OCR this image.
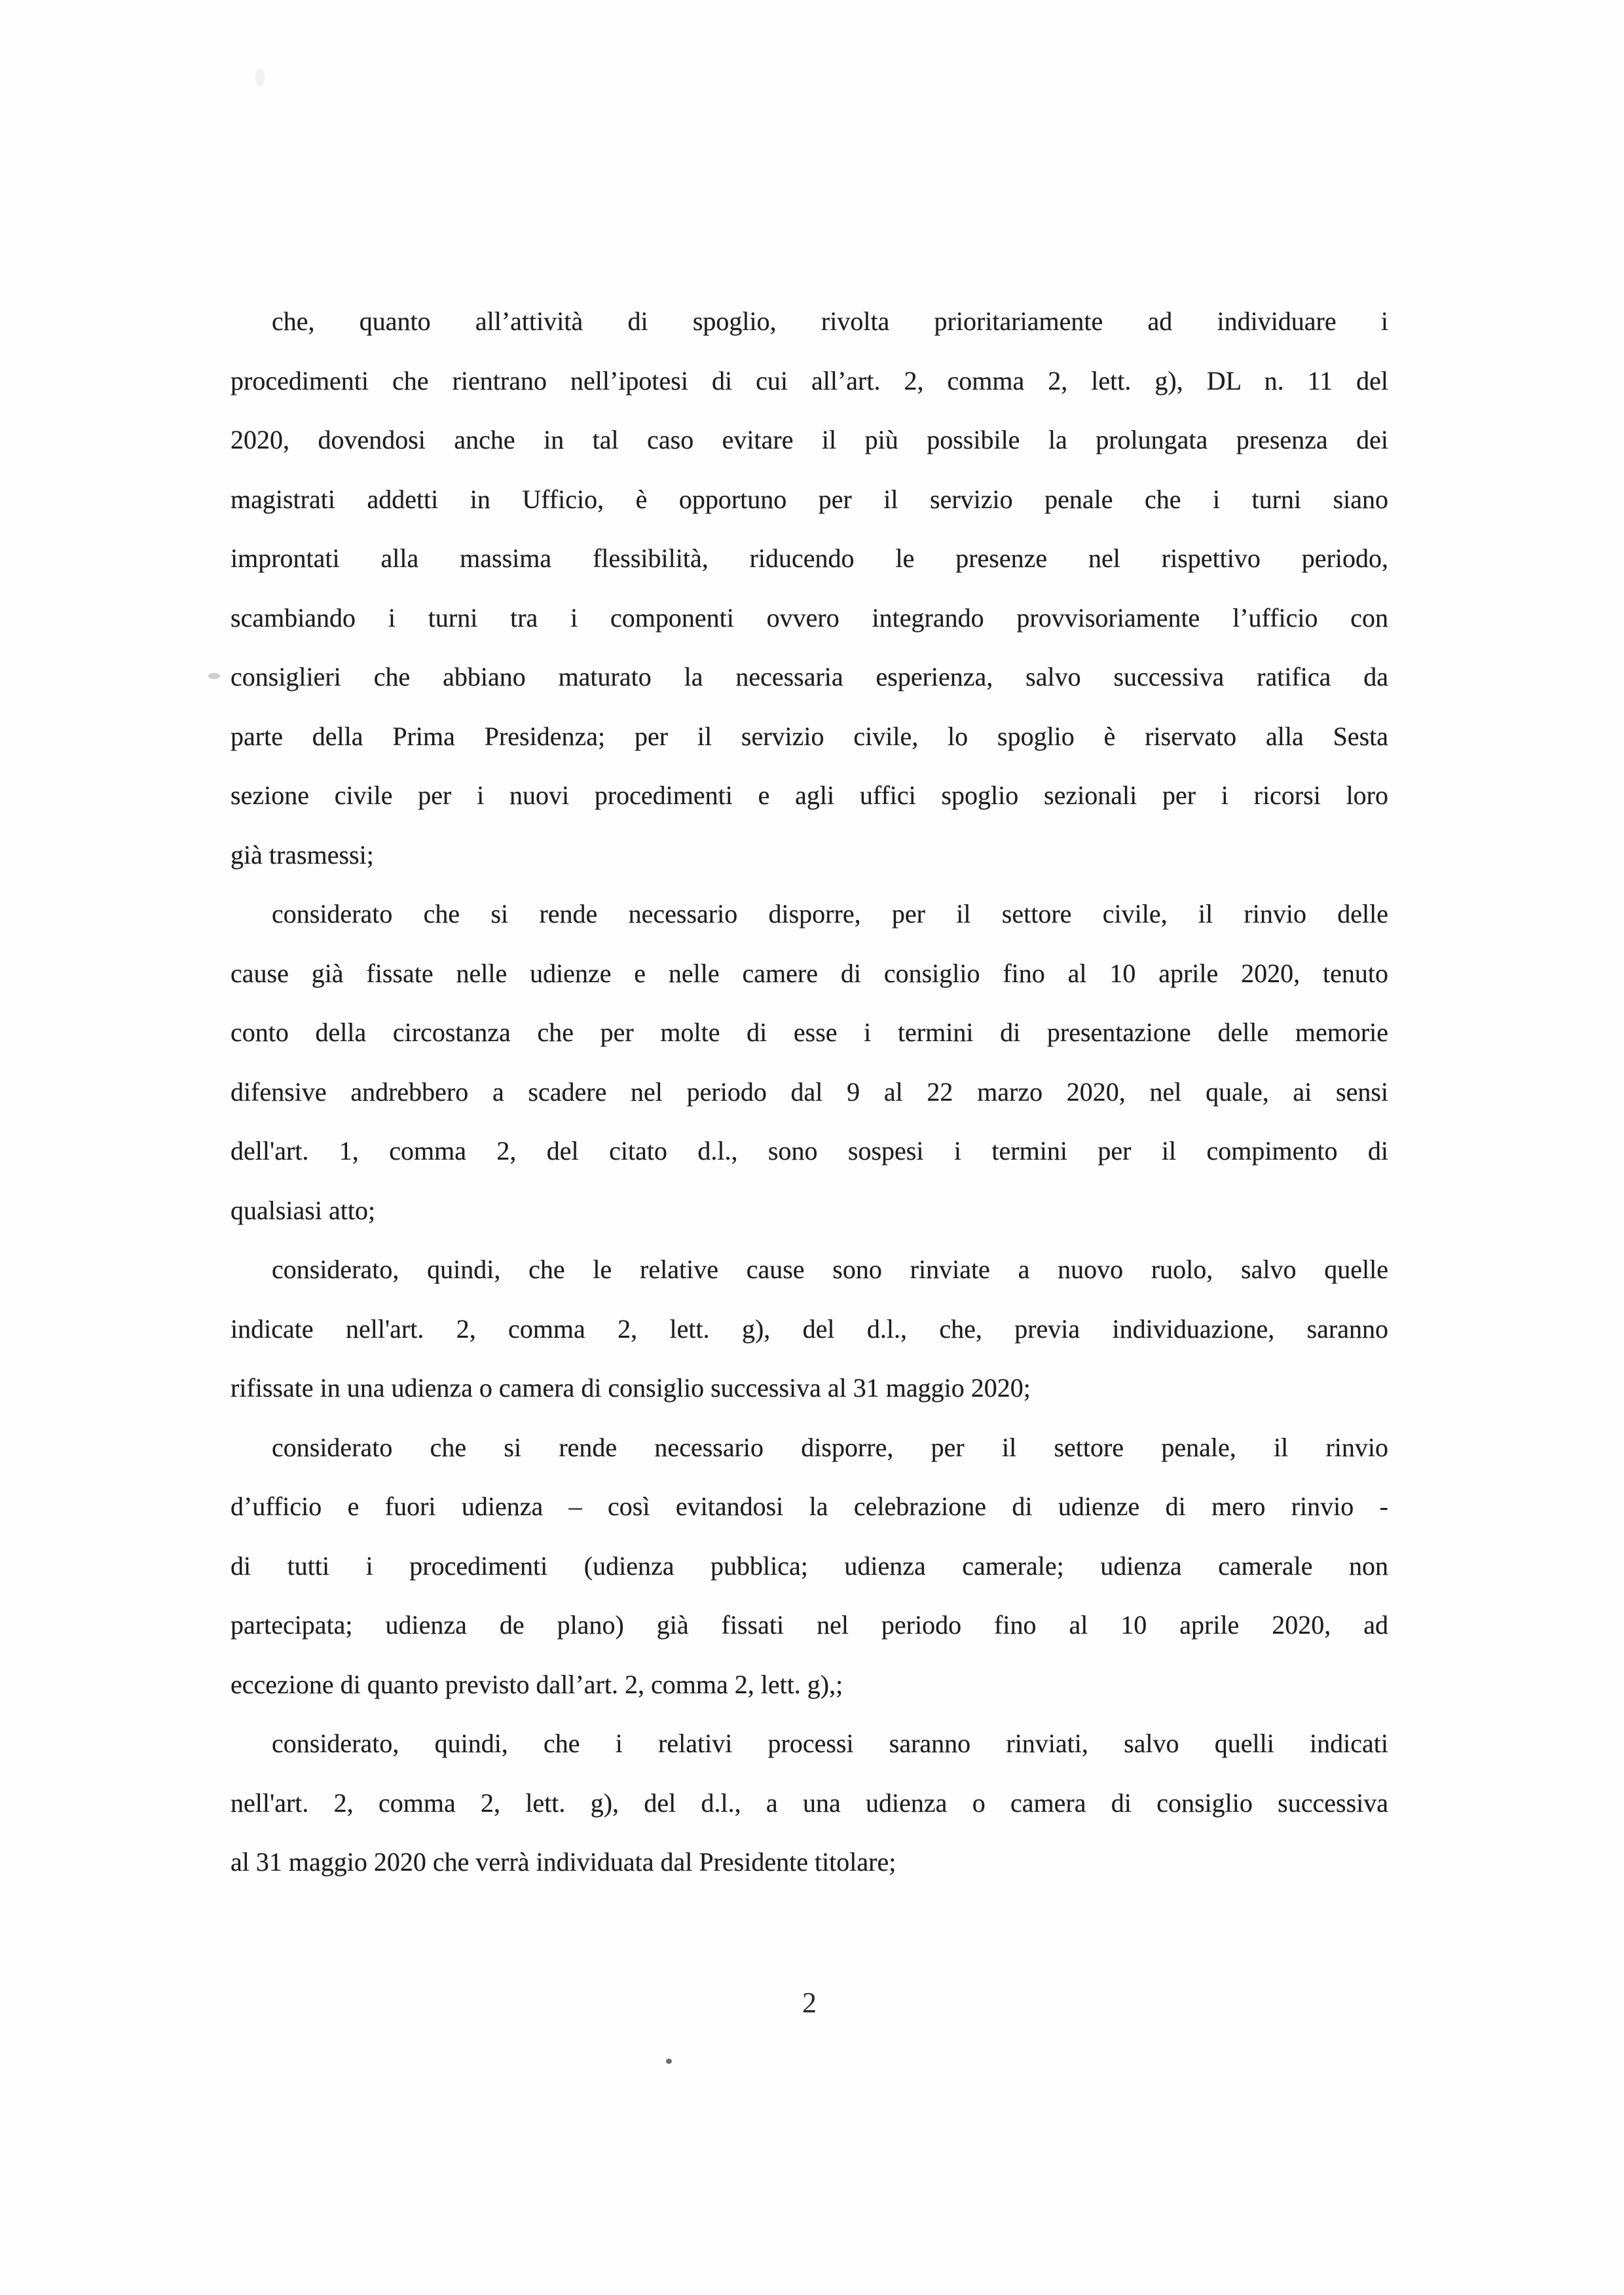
che, quanto all’attività di spoglio, rivolta prioritariamente ad individuare i
procedimenti che rientrano nell’ipotesi di cui all’art. 2, comma 2, lett. g), DL n. 11 del
2020, dovendosi anche in tal caso evitare il più possibile la prolungata presenza dei
magistrati addetti in Ufficio, è opportuno per il servizio penale che i turni siano
improntati alla massima flessibilità, riducendo le presenze nel rispettivo periodo,
scambiando i turni tra i componenti ovvero integrando provvisoriamente l’ufficio con
consiglieri che abbiano maturato la necessaria esperienza, salvo successiva ratifica da
parte della Prima Presidenza; per il servizio civile, lo spoglio è riservato alla Sesta
sezione civile per i nuovi procedimenti e agli uffici spoglio sezionali per i ricorsi loro
già trasmessi;
considerato che si rende necessario disporre, per il settore civile, il rinvio delle
cause già fissate nelle udienze e nelle camere di consiglio fino al 10 aprile 2020, tenuto
conto della circostanza che per molte di esse i termini di presentazione delle memorie
difensive andrebbero a scadere nel periodo dal 9 al 22 marzo 2020, nel quale, ai sensi
dell'art. 1, comma 2, del citato d.l., sono sospesi i termini per il compimento di
qualsiasi atto;
considerato, quindi, che le relative cause sono rinviate a nuovo ruolo, salvo quelle
indicate nell'art. 2, comma 2, lett. g), del d.l., che, previa individuazione, saranno
rifissate in una udienza o camera di consiglio successiva al 31 maggio 2020;
considerato che si rende necessario disporre, per il settore penale, il rinvio
d’ufficio e fuori udienza – così evitandosi la celebrazione di udienze di mero rinvio -
di tutti i procedimenti (udienza pubblica; udienza camerale; udienza camerale non
partecipata; udienza de plano) già fissati nel periodo fino al 10 aprile 2020, ad
eccezione di quanto previsto dall’art. 2, comma 2, lett. g),;
considerato, quindi, che i relativi processi saranno rinviati, salvo quelli indicati
nell'art. 2, comma 2, lett. g), del d.l., a una udienza o camera di consiglio successiva
al 31 maggio 2020 che verrà individuata dal Presidente titolare;
2
